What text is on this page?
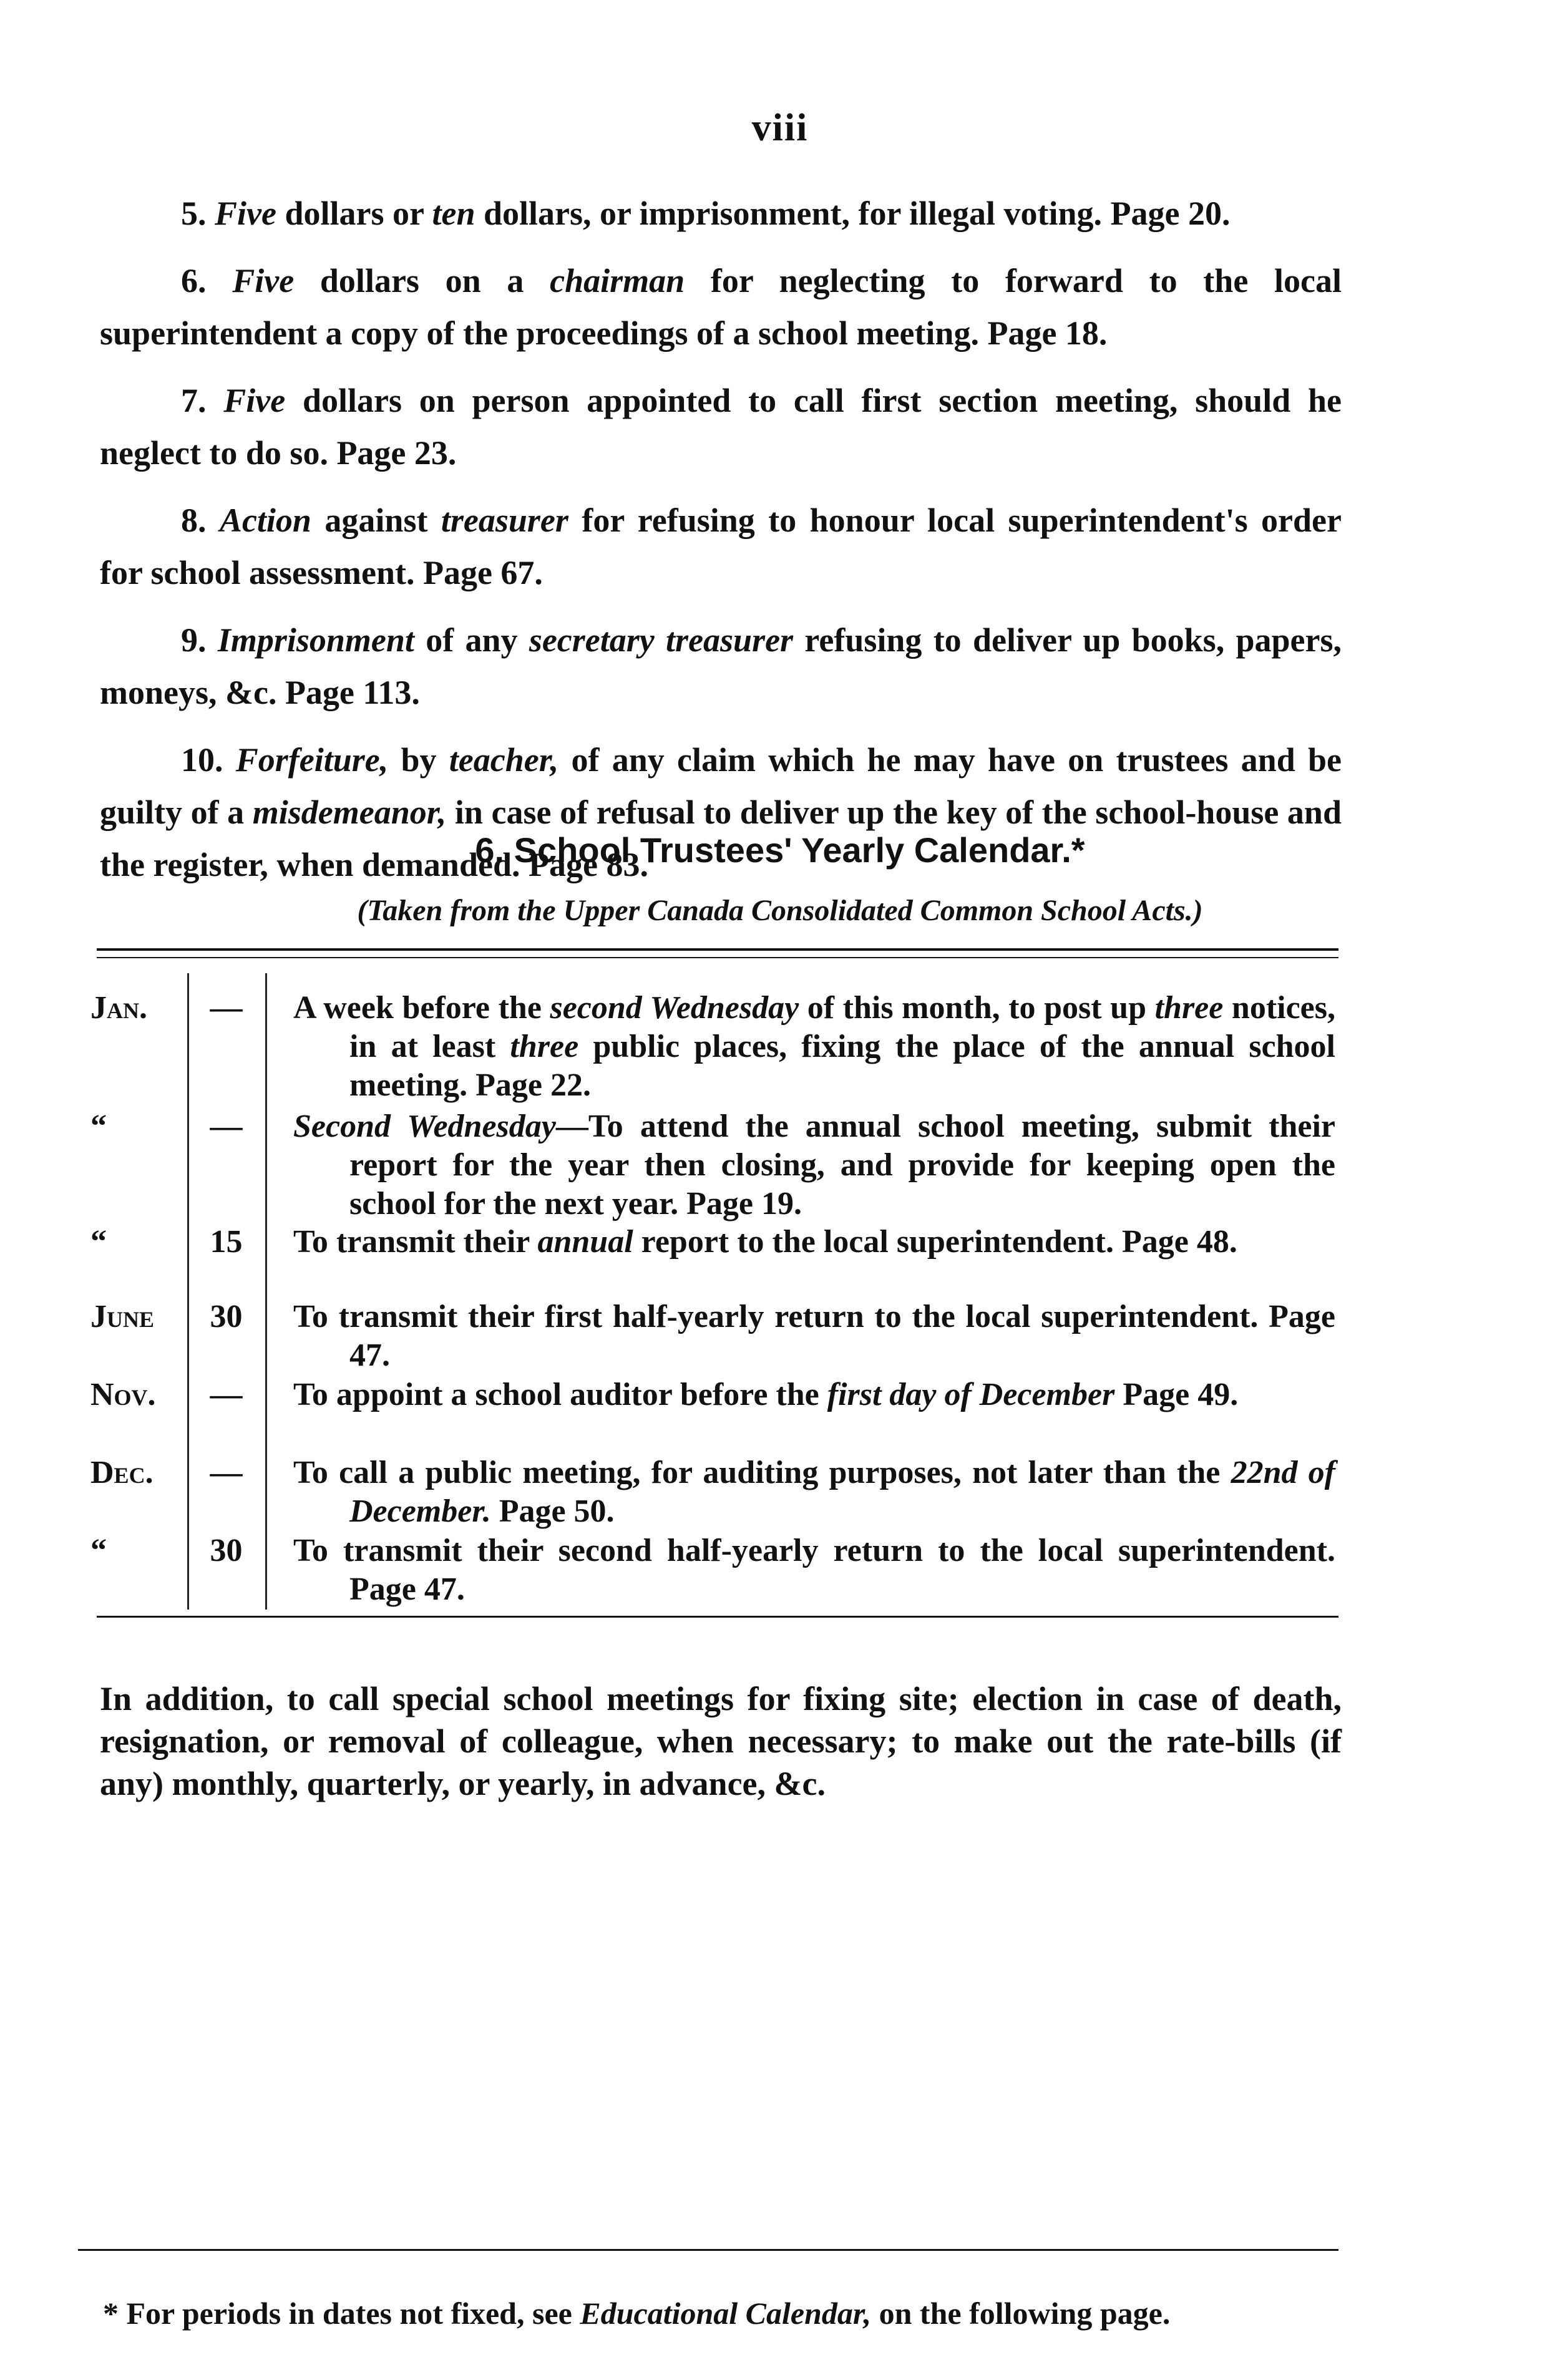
viii

5. Five dollars or ten dollars, or imprisonment, for illegal voting. Page 20.

6. Five dollars on a chairman for neglecting to forward to the local superintendent a copy of the proceedings of a school meeting. Page 18.

7. Five dollars on person appointed to call first section meeting, should he neglect to do so. Page 23.

8. Action against treasurer for refusing to honour local superintendent's order for school assessment. Page 67.

9. Imprisonment of any secretary treasurer refusing to deliver up books, papers, moneys, &c. Page 113.

10. Forfeiture, by teacher, of any claim which he may have on trustees and be guilty of a misdemeanor, in case of refusal to deliver up the key of the school-house and the register, when demanded. Page 83.

6. School Trustees' Yearly Calendar.*
(Taken from the Upper Canada Consolidated Common School Acts.)
Jan.	—	A week before the second Wednesday of this month, to post up three notices, in at least three public places, fixing the place of the annual school meeting. Page 22.
“	—	Second Wednesday—To attend the annual school meeting, submit their report for the year then closing, and provide for keeping open the school for the next year. Page 19.
“	15	To transmit their annual report to the local superintendent. Page 48.
June	30	To transmit their first half-yearly return to the local superintendent. Page 47.
Nov.	—	To appoint a school auditor before the first day of December Page 49.
Dec.	—	To call a public meeting, for auditing purposes, not later than the 22nd of December. Page 50.
“	30	To transmit their second half-yearly return to the local superintendent. Page 47.

In addition, to call special school meetings for fixing site; election in case of death, resignation, or removal of colleague, when necessary; to make out the rate-bills (if any) monthly, quarterly, or yearly, in advance, &c.

* For periods in dates not fixed, see Educational Calendar, on the following page.
